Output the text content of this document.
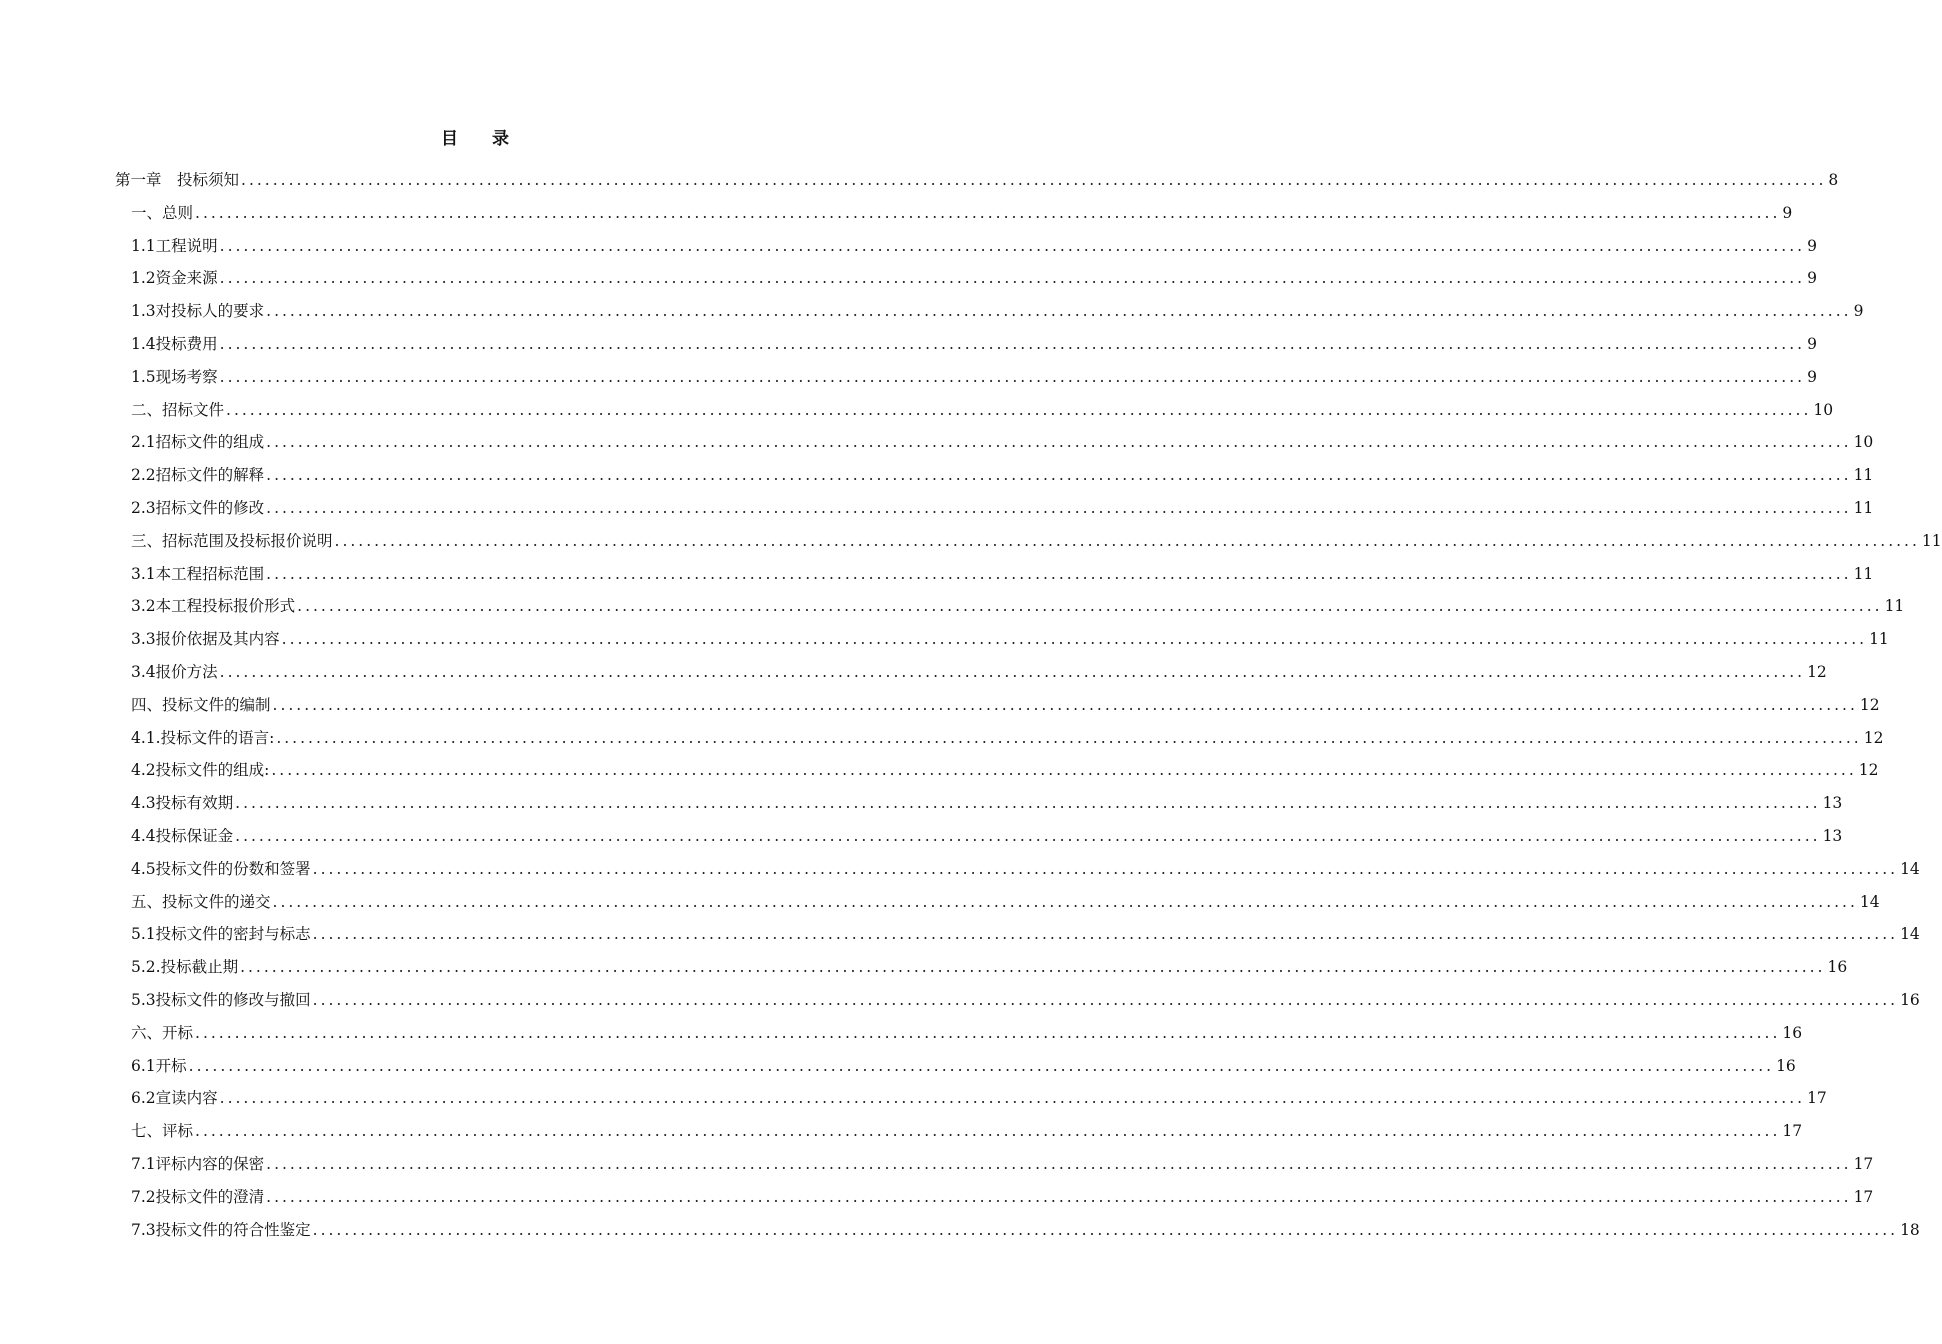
目 录
第一章　投标须知 ........................................................................................................................................................................................................ 8
一、总则 ........................................................................................................................................................................................................ 9
1.1工程说明 ........................................................................................................................................................................................................ 9
1.2资金来源 ........................................................................................................................................................................................................ 9
1.3对投标人的要求 ........................................................................................................................................................................................................ 9
1.4投标费用 ........................................................................................................................................................................................................ 9
1.5现场考察 ........................................................................................................................................................................................................ 9
二、招标文件 ........................................................................................................................................................................................................ 10
2.1招标文件的组成 ........................................................................................................................................................................................................ 10
2.2招标文件的解释 ........................................................................................................................................................................................................ 11
2.3招标文件的修改 ........................................................................................................................................................................................................ 11
三、招标范围及投标报价说明 ........................................................................................................................................................................................................ 11
3.1本工程招标范围 ........................................................................................................................................................................................................ 11
3.2本工程投标报价形式 ........................................................................................................................................................................................................ 11
3.3报价依据及其内容 ........................................................................................................................................................................................................ 11
3.4报价方法 ........................................................................................................................................................................................................ 12
四、投标文件的编制 ........................................................................................................................................................................................................ 12
4.1.投标文件的语言: ........................................................................................................................................................................................................ 12
4.2投标文件的组成: ........................................................................................................................................................................................................ 12
4.3投标有效期 ........................................................................................................................................................................................................ 13
4.4投标保证金 ........................................................................................................................................................................................................ 13
4.5投标文件的份数和签署 ........................................................................................................................................................................................................ 14
五、投标文件的递交 ........................................................................................................................................................................................................ 14
5.1投标文件的密封与标志 ........................................................................................................................................................................................................ 14
5.2.投标截止期 ........................................................................................................................................................................................................ 16
5.3投标文件的修改与撤回 ........................................................................................................................................................................................................ 16
六、开标 ........................................................................................................................................................................................................ 16
6.1开标 ........................................................................................................................................................................................................ 16
6.2宣读内容 ........................................................................................................................................................................................................ 17
七、评标 ........................................................................................................................................................................................................ 17
7.1评标内容的保密 ........................................................................................................................................................................................................ 17
7.2投标文件的澄清 ........................................................................................................................................................................................................ 17
7.3投标文件的符合性鉴定 ........................................................................................................................................................................................................ 18
